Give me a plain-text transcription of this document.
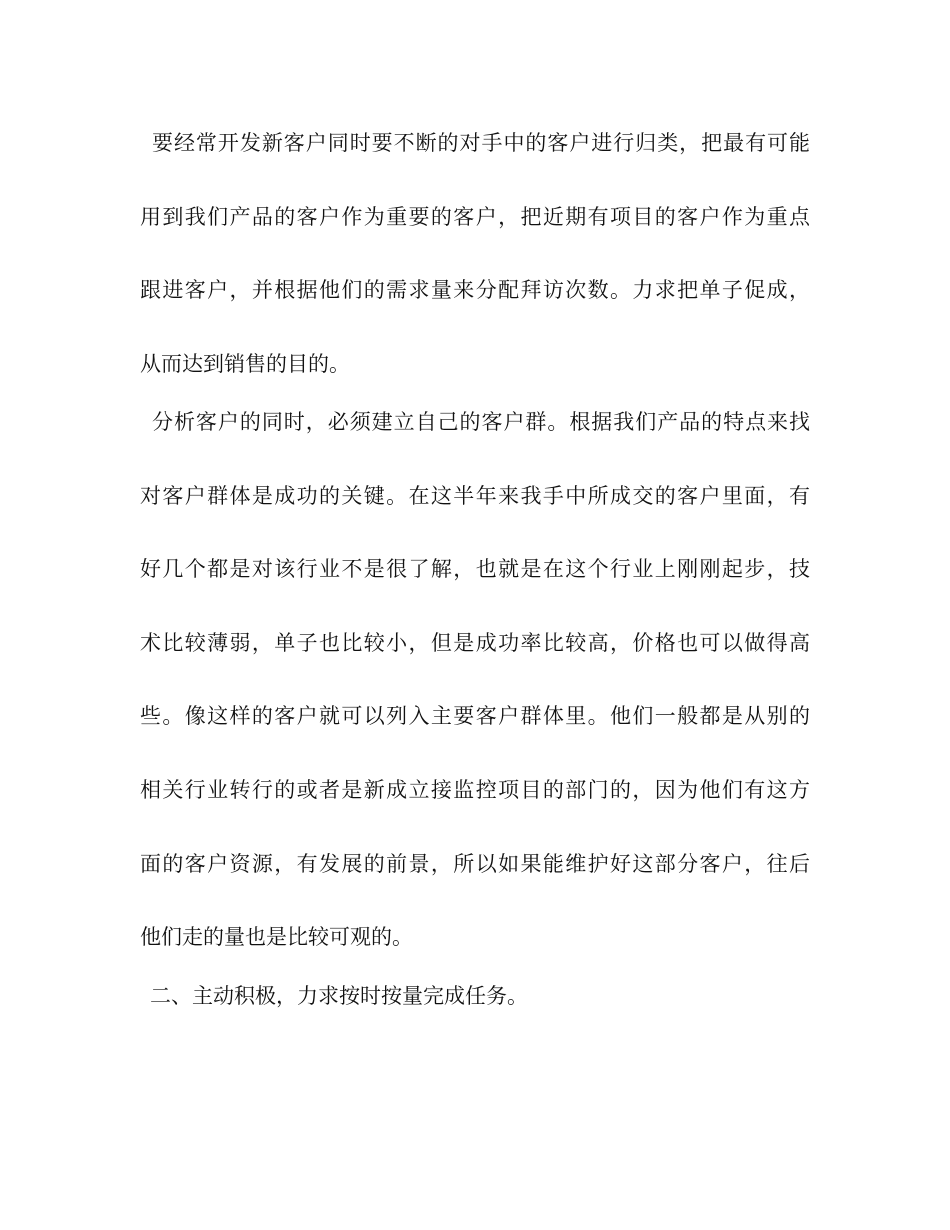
要经常开发新客户同时要不断的对手中的客户进行归类，把最有可能
用到我们产品的客户作为重要的客户，把近期有项目的客户作为重点
跟进客户，并根据他们的需求量来分配拜访次数。力求把单子促成，
从而达到销售的目的。
分析客户的同时，必须建立自己的客户群。根据我们产品的特点来找
对客户群体是成功的关键。在这半年来我手中所成交的客户里面，有
好几个都是对该行业不是很了解，也就是在这个行业上刚刚起步，技
术比较薄弱，单子也比较小，但是成功率比较高，价格也可以做得高
些。像这样的客户就可以列入主要客户群体里。他们一般都是从别的
相关行业转行的或者是新成立接监控项目的部门的，因为他们有这方
面的客户资源，有发展的前景，所以如果能维护好这部分客户，往后
他们走的量也是比较可观的。
二、主动积极，力求按时按量完成任务。
